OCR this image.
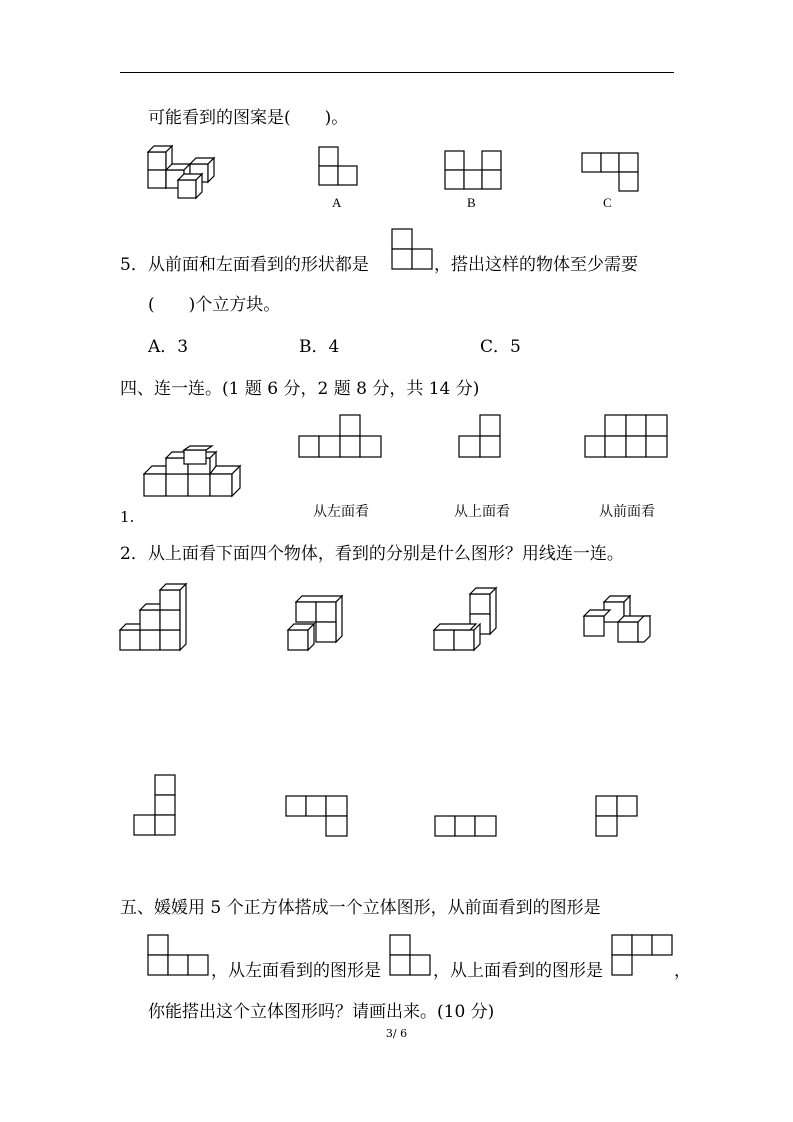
可能看到的图案是(　　)。
A	B	C
5．从前面和左面看到的形状都是	，搭出这样的物体至少需要
(　　)个立方块。
A．3	B．4	C．5
四、连一连。(1 题 6 分，2 题 8 分，共 14 分)
1.	从左面看	从上面看	从前面看
2．从上面看下面四个物体，看到的分别是什么图形？用线连一连。
五、媛媛用 5 个正方体搭成一个立体图形，从前面看到的图形是
，从左面看到的图形是	，从上面看到的图形是	，
你能搭出这个立体图形吗？请画出来。(10 分)
3/ 6
